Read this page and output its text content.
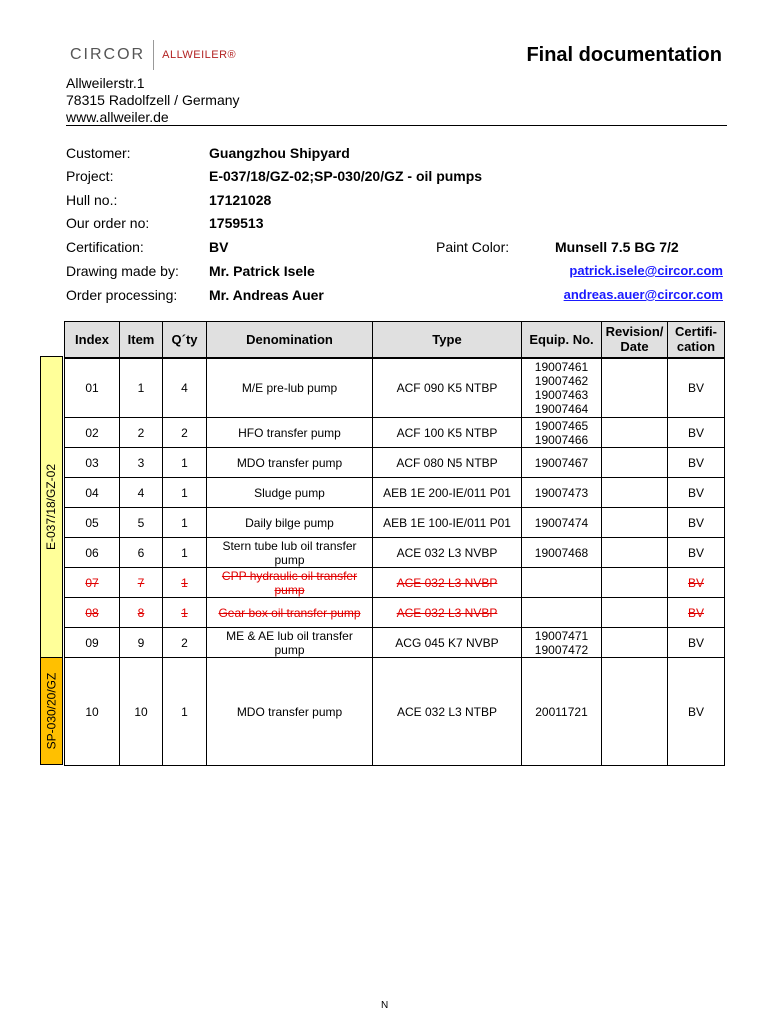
CIRCOR ALLWEILER®	Final documentation
Allweilerstr.1
78315 Radolfzell / Germany
www.allweiler.de
Customer:	Guangzhou Shipyard
Project:	E-037/18/GZ-02;SP-030/20/GZ - oil pumps
Hull no.:	17121028
Our order no:	1759513
Certification:	BV	Paint Color:	Munsell 7.5 BG 7/2
Drawing made by: Mr. Patrick Isele	patrick.isele@circor.com
Order processing: Mr. Andreas Auer	andreas.auer@circor.com
E-037/18/GZ-02
SP-030/20/GZ
Index	Item	Q´ty	Denomination	Type	Equip. No.	Revision/ Date	Certifi-cation
01	1	4	M/E pre-lub pump	ACF 090 K5 NTBP	19007461
19007462
19007463
19007464		BV
02	2	2	HFO transfer pump	ACF 100 K5 NTBP	19007465
19007466		BV
03	3	1	MDO transfer pump	ACF 080 N5 NTBP	19007467		BV
04	4	1	Sludge pump	AEB 1E 200-IE/011 P01	19007473		BV
05	5	1	Daily bilge pump	AEB 1E 100-IE/011 P01	19007474		BV
06	6	1	Stern tube lub oil transfer pump	ACE 032 L3 NVBP	19007468		BV
07	7	1	CPP hydraulic oil transfer pump	ACE 032 L3 NVBP			BV
08	8	1	Gear box oil transfer pump	ACE 032 L3 NVBP			BV
09	9	2	ME & AE lub oil transfer pump	ACG 045 K7 NVBP	19007471
19007472		BV
10	10	1	MDO transfer pump	ACE 032 L3 NTBP	20011721		BV
N
